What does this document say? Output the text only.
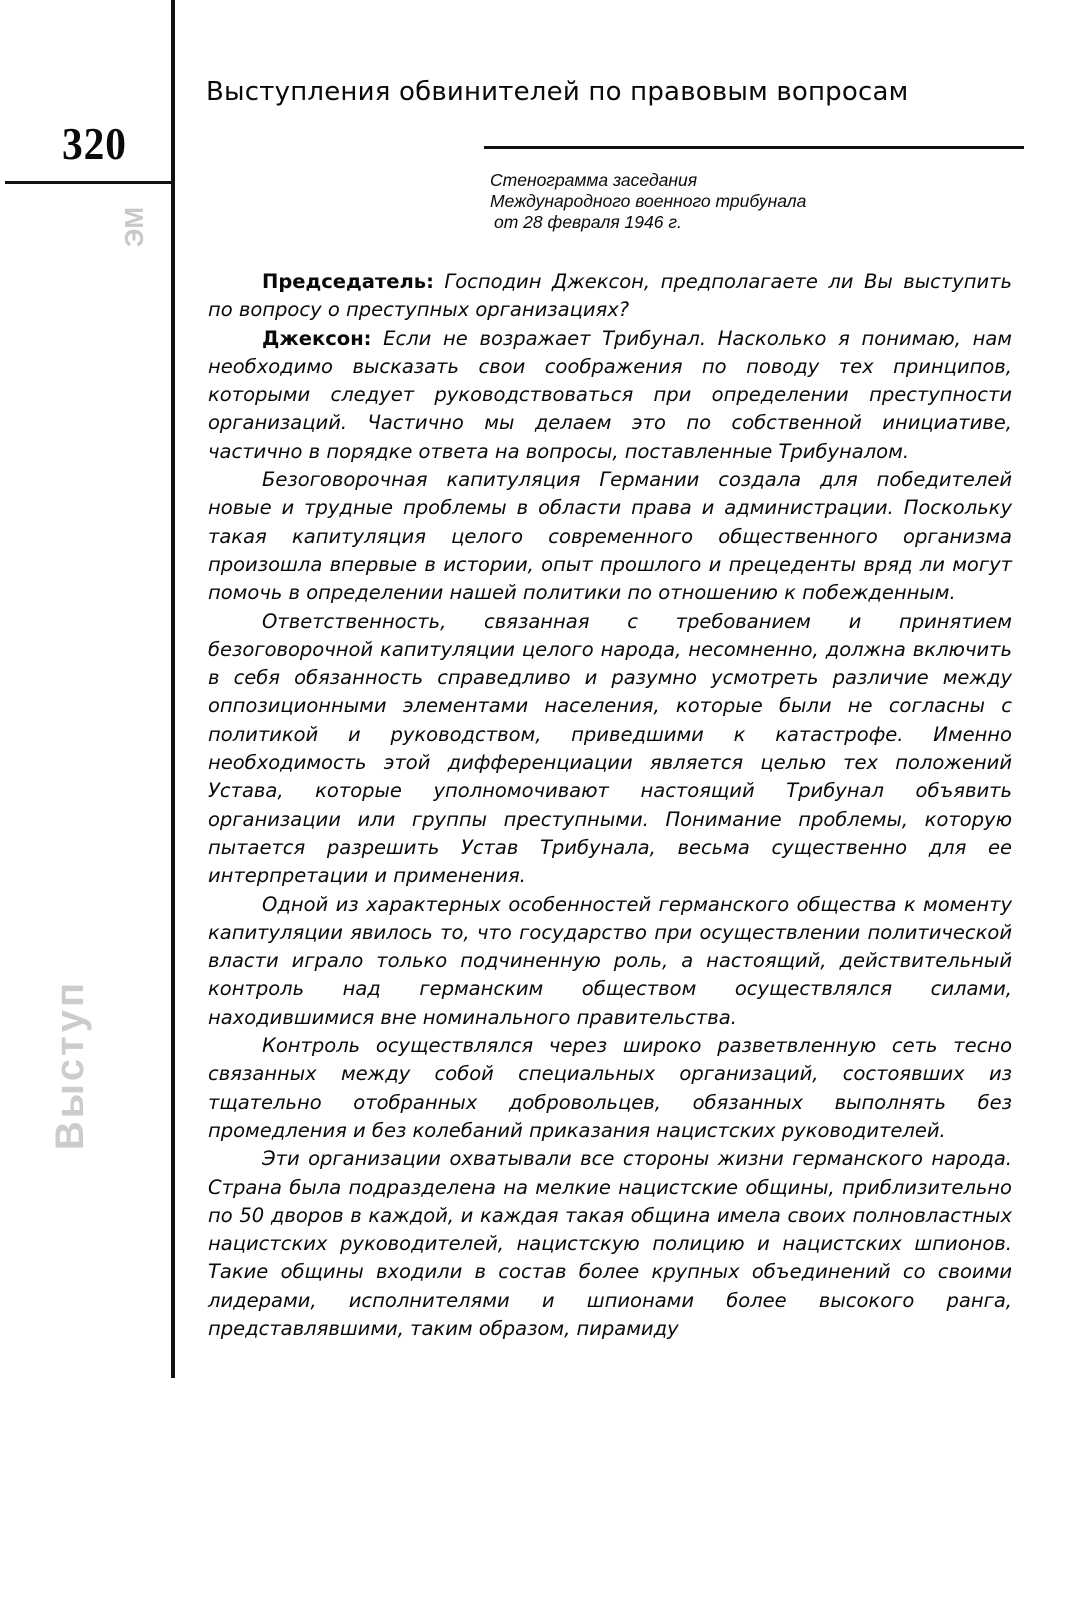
320
ЭМ
Выступ
Выступления обвинителей по правовым вопросам
Стенограмма заседания
Международного военного трибунала
от 28 февраля 1946 г.

Председатель: Господин Джексон, предполагаете ли Вы выступить по вопросу о преступных организациях?

Джексон: Если не возражает Трибунал. Насколько я понимаю, нам необходимо высказать свои соображения по поводу тех принципов, которыми следует руководствоваться при определении преступности организаций. Частично мы делаем это по собственной инициативе, частично в порядке ответа на вопросы, поставленные Трибуналом.

Безоговорочная капитуляция Германии создала для победителей новые и трудные проблемы в области права и администрации. Поскольку такая капитуляция целого современного общественного организма произошла впервые в истории, опыт прошлого и прецеденты вряд ли могут помочь в определении нашей политики по отношению к побежденным.

Ответственность, связанная с требованием и принятием безоговорочной капитуляции целого народа, несомненно, должна включить в себя обязанность справедливо и разумно усмотреть различие между оппозиционными элементами населения, которые были не согласны с политикой и руководством, приведшими к катастрофе. Именно необходимость этой дифференциации является целью тех положений Устава, которые уполномочивают настоящий Трибунал объявить организации или группы преступными. Понимание проблемы, которую пытается разрешить Устав Трибунала, весьма существенно для ее интерпретации и применения.

Одной из характерных особенностей германского общества к моменту капитуляции явилось то, что государство при осуществлении политической власти играло только подчиненную роль, а настоящий, действительный контроль над германским обществом осуществлялся силами, находившимися вне номинального правительства.

Контроль осуществлялся через широко разветвленную сеть тесно связанных между собой специальных организаций, состоявших из тщательно отобранных добровольцев, обязанных выполнять без промедления и без колебаний приказания нацистских руководителей.

Эти организации охватывали все стороны жизни германского народа. Страна была подразделена на мелкие нацистские общины, приблизительно по 50 дворов в каждой, и каждая такая община имела своих полновластных нацистских руководителей, нацистскую полицию и нацистских шпионов. Такие общины входили в состав более крупных объединений со своими лидерами, исполнителями и шпионами более высокого ранга, представлявшими, таким образом, пирамиду
